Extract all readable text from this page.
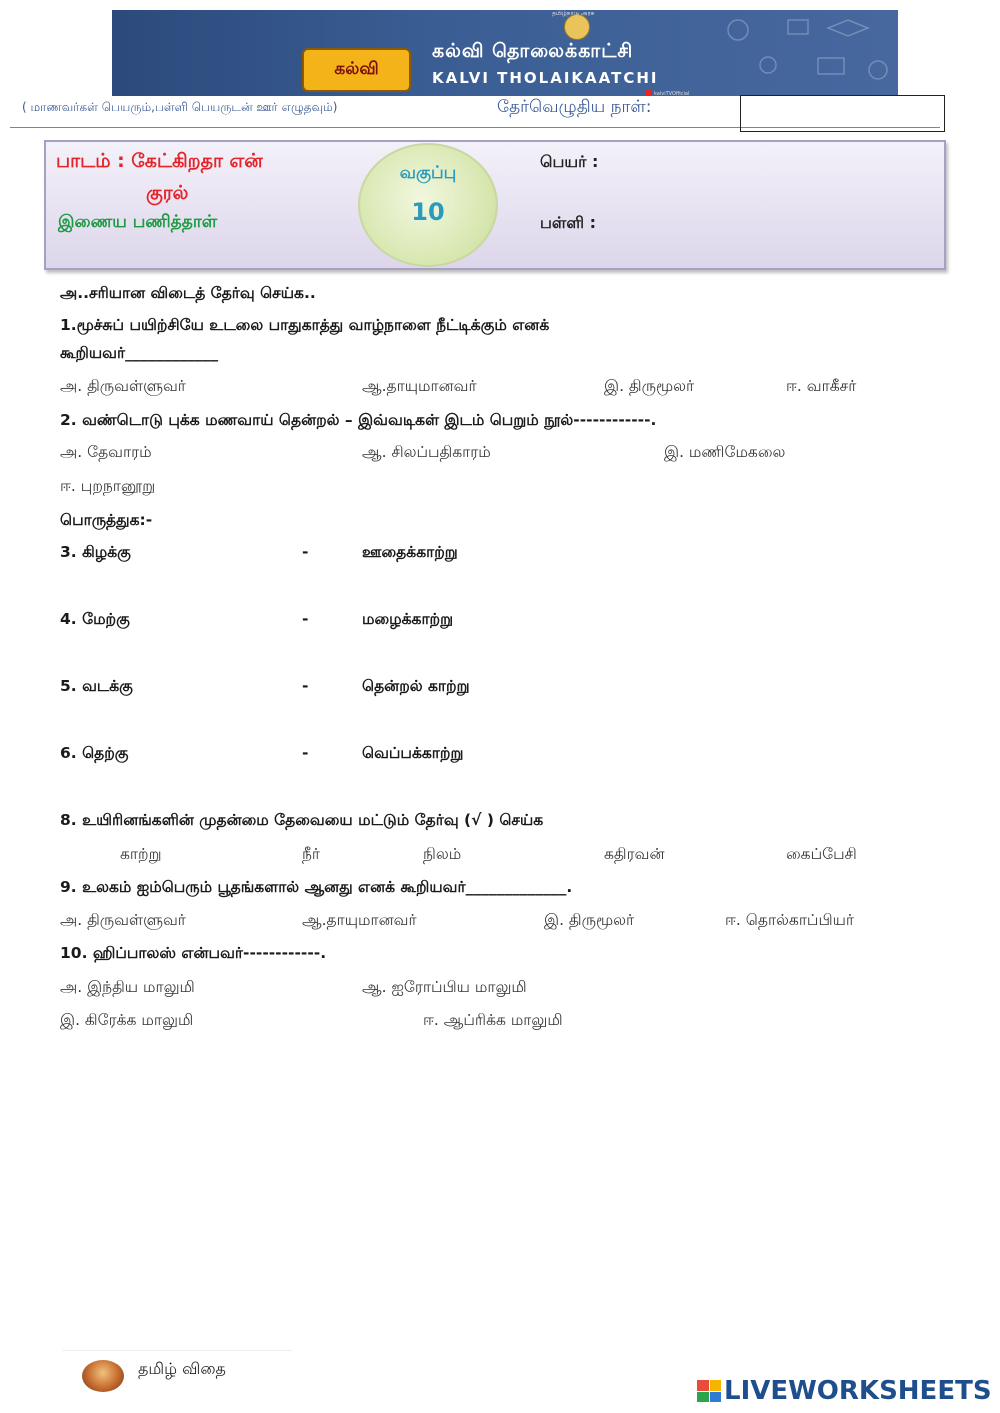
தமிழ்நாடு அரசு
கல்வி
கல்வி தொலைக்காட்சி
KALVI THOLAIKAATCHI
kalviTVOfficial
( மாணவர்கள் பெயரும்,பள்ளி பெயருடன் ஊர் எழுதவும்)	தேர்வெழுதிய நாள்:
பாடம் : கேட்கிறதா என்
குரல்
இணைய பணித்தாள்
வகுப்பு
10
பெயர் :
பள்ளி :
அ..சரியான விடைத் தேர்வு செய்க..
1.மூச்சுப் பயிற்சியே உடலை பாதுகாத்து வாழ்நாளை நீட்டிக்கும் எனக்
கூறியவர்____________
அ. திருவள்ளுவர்	ஆ.தாயுமானவர்	இ. திருமூலர்	ஈ. வாகீசர்
2. வண்டொடு புக்க மணவாய் தென்றல் – இவ்வடிகள் இடம் பெறும் நூல்------------.
அ. தேவாரம்	ஆ. சிலப்பதிகாரம்	இ. மணிமேகலை
ஈ. புறநானூறு
பொருத்துக:-
3. கிழக்கு	-	ஊதைக்காற்று
4. மேற்கு	-	மழைக்காற்று
5. வடக்கு	-	தென்றல் காற்று
6. தெற்கு	-	வெப்பக்காற்று
8. உயிரினங்களின் முதன்மை தேவையை மட்டும் தேர்வு (√ ) செய்க
காற்று	நீர்	நிலம்	கதிரவன்	கைப்பேசி
9. உலகம் ஐம்பெரும் பூதங்களால் ஆனது எனக் கூறியவர்_____________.
அ. திருவள்ளுவர்	ஆ.தாயுமானவர்	இ. திருமூலர்	ஈ. தொல்காப்பியர்
10. ஹிப்பாலஸ் என்பவர்------------.
அ. இந்திய மாலுமி	ஆ. ஐரோப்பிய மாலுமி
இ. கிரேக்க மாலுமி	ஈ. ஆப்ரிக்க மாலுமி
தமிழ் விதை
LIVEWORKSHEETS
